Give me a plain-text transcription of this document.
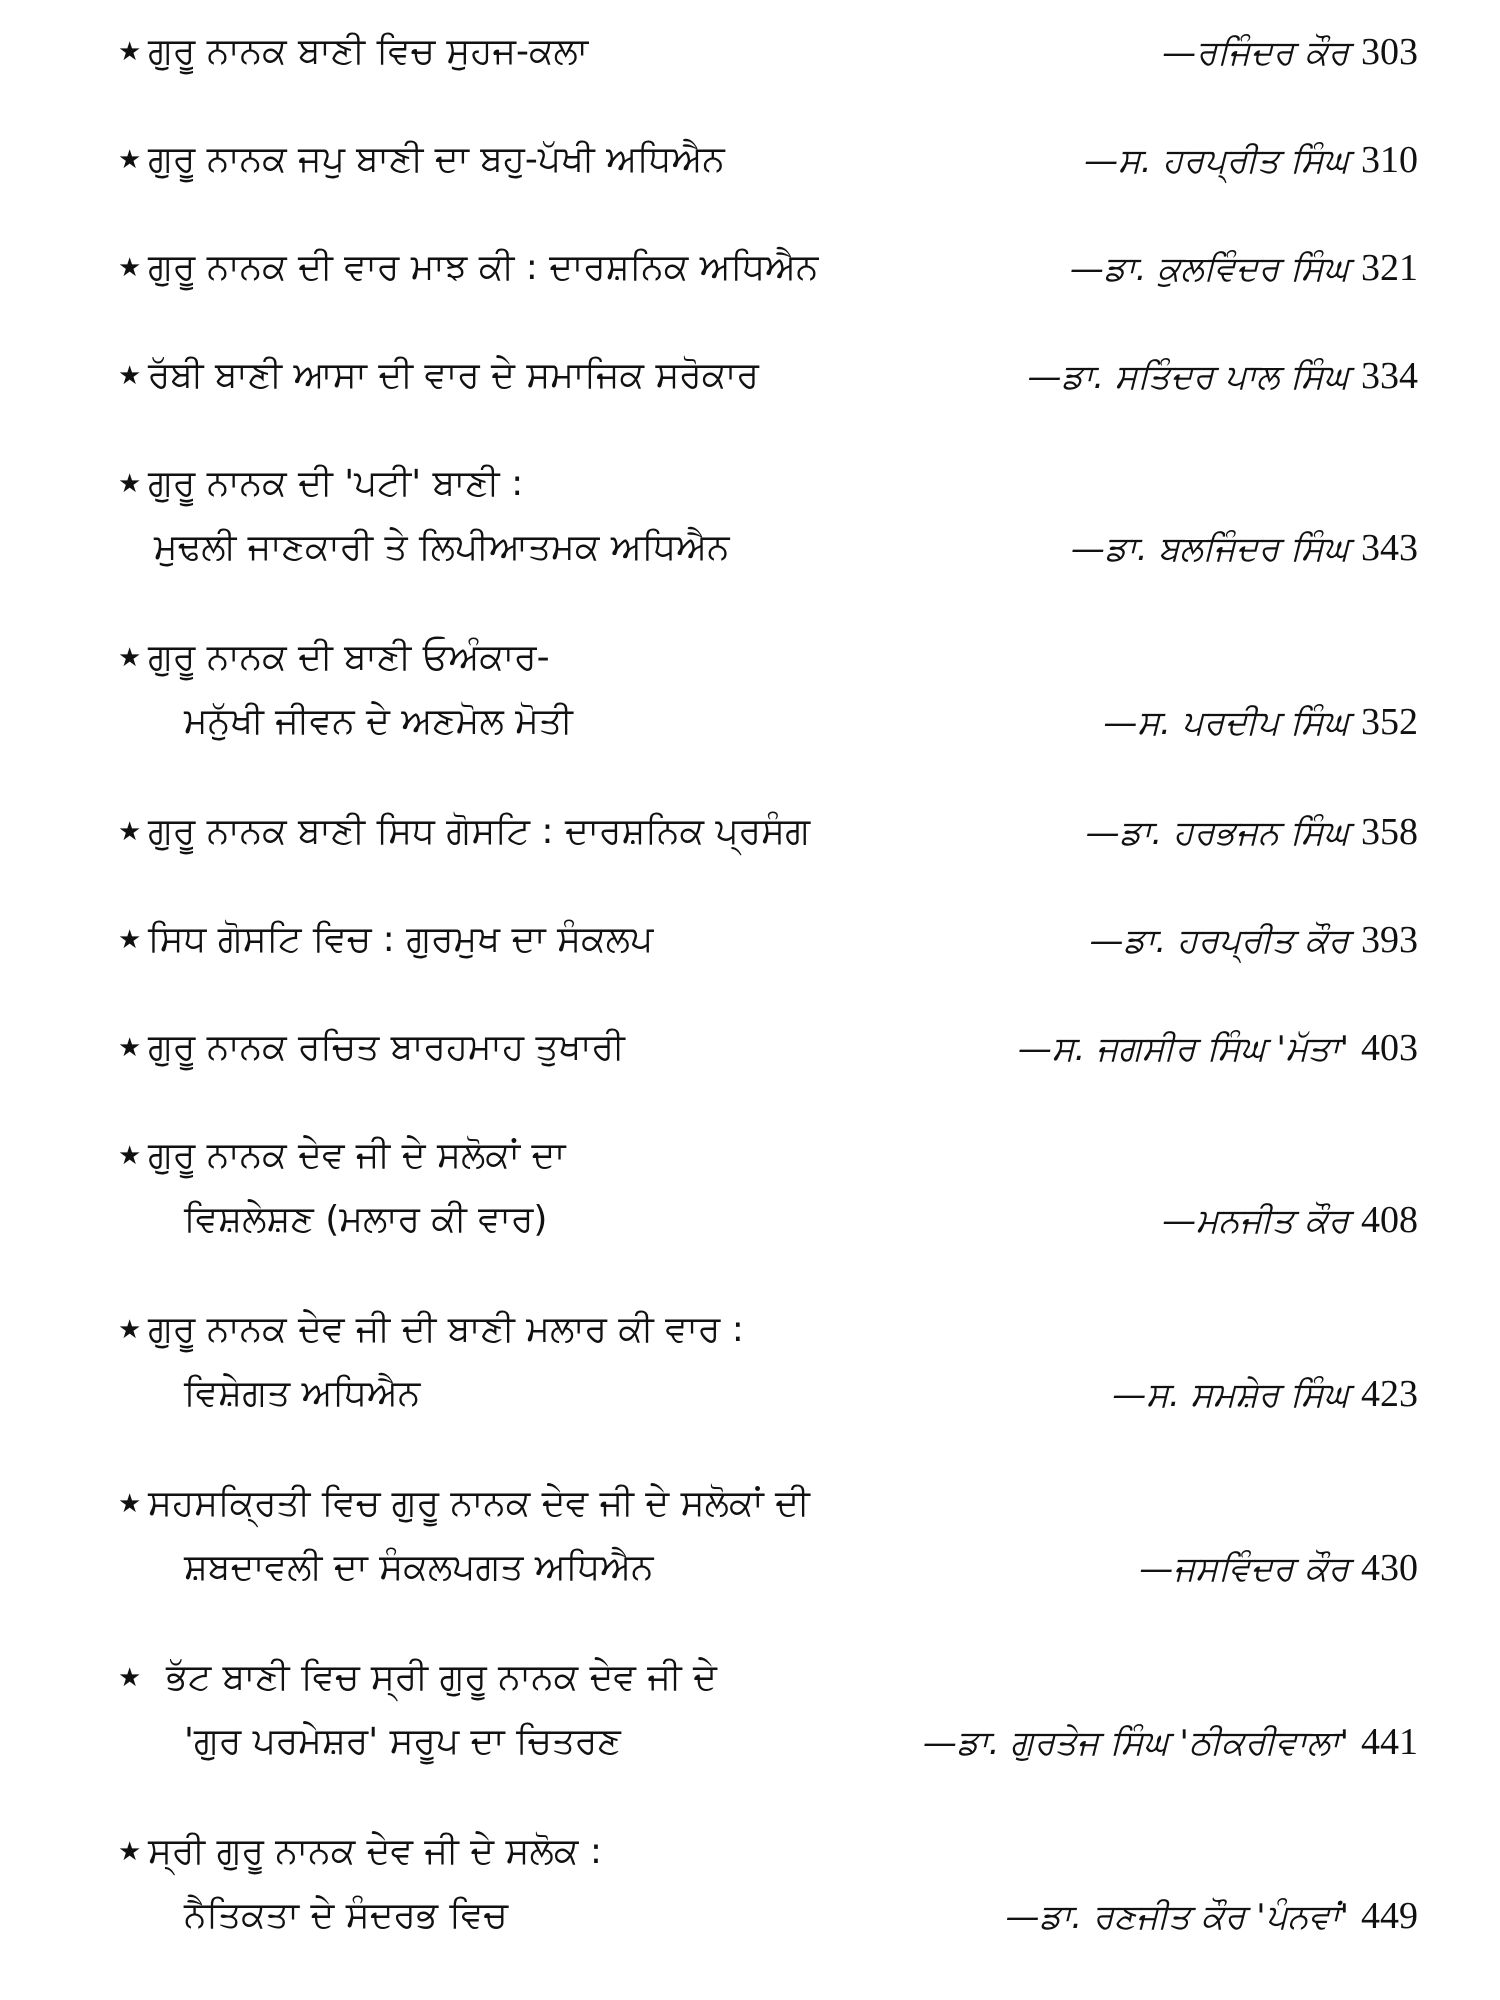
★ ਗੁਰੂ ਨਾਨਕ ਬਾਣੀ ਵਿਚ ਸੁਹਜ-ਕਲਾ	—ਰਜਿੰਦਰ ਕੌਰ 303
★ ਗੁਰੂ ਨਾਨਕ ਜਪੁ ਬਾਣੀ ਦਾ ਬਹੁ-ਪੱਖੀ ਅਧਿਐਨ	—ਸ. ਹਰਪ੍ਰੀਤ ਸਿੰਘ 310
★ ਗੁਰੂ ਨਾਨਕ ਦੀ ਵਾਰ ਮਾਝ ਕੀ : ਦਾਰਸ਼ਨਿਕ ਅਧਿਐਨ	—ਡਾ. ਕੁਲਵਿੰਦਰ ਸਿੰਘ 321
★ ਰੱਬੀ ਬਾਣੀ ਆਸਾ ਦੀ ਵਾਰ ਦੇ ਸਮਾਜਿਕ ਸਰੋਕਾਰ	—ਡਾ. ਸਤਿੰਦਰ ਪਾਲ ਸਿੰਘ 334
★ ਗੁਰੂ ਨਾਨਕ ਦੀ 'ਪਟੀ' ਬਾਣੀ :
ਮੁਢਲੀ ਜਾਣਕਾਰੀ ਤੇ ਲਿਪੀਆਤਮਕ ਅਧਿਐਨ	—ਡਾ. ਬਲਜਿੰਦਰ ਸਿੰਘ 343
★ ਗੁਰੂ ਨਾਨਕ ਦੀ ਬਾਣੀ ਓਅੰਕਾਰ-
ਮਨੁੱਖੀ ਜੀਵਨ ਦੇ ਅਣਮੋਲ ਮੋਤੀ	—ਸ. ਪਰਦੀਪ ਸਿੰਘ 352
★ ਗੁਰੂ ਨਾਨਕ ਬਾਣੀ ਸਿਧ ਗੋਸਟਿ : ਦਾਰਸ਼ਨਿਕ ਪ੍ਰਸੰਗ	—ਡਾ. ਹਰਭਜਨ ਸਿੰਘ 358
★ ਸਿਧ ਗੋਸਟਿ ਵਿਚ : ਗੁਰਮੁਖ ਦਾ ਸੰਕਲਪ	—ਡਾ. ਹਰਪ੍ਰੀਤ ਕੌਰ 393
★ ਗੁਰੂ ਨਾਨਕ ਰਚਿਤ ਬਾਰਹਮਾਹ ਤੁਖਾਰੀ	—ਸ. ਜਗਸੀਰ ਸਿੰਘ 'ਮੱਤਾ' 403
★ ਗੁਰੂ ਨਾਨਕ ਦੇਵ ਜੀ ਦੇ ਸਲੋਕਾਂ ਦਾ
ਵਿਸ਼ਲੇਸ਼ਣ (ਮਲਾਰ ਕੀ ਵਾਰ)	—ਮਨਜੀਤ ਕੌਰ 408
★ ਗੁਰੂ ਨਾਨਕ ਦੇਵ ਜੀ ਦੀ ਬਾਣੀ ਮਲਾਰ ਕੀ ਵਾਰ :
ਵਿਸ਼ੇਗਤ ਅਧਿਐਨ	—ਸ. ਸਮਸ਼ੇਰ ਸਿੰਘ 423
★ ਸਹਸਕ੍ਰਿਤੀ ਵਿਚ ਗੁਰੂ ਨਾਨਕ ਦੇਵ ਜੀ ਦੇ ਸਲੋਕਾਂ ਦੀ
ਸ਼ਬਦਾਵਲੀ ਦਾ ਸੰਕਲਪਗਤ ਅਧਿਐਨ	—ਜਸਵਿੰਦਰ ਕੌਰ 430
★ ਭੱਟ ਬਾਣੀ ਵਿਚ ਸ੍ਰੀ ਗੁਰੂ ਨਾਨਕ ਦੇਵ ਜੀ ਦੇ
'ਗੁਰ ਪਰਮੇਸ਼ਰ' ਸਰੂਪ ਦਾ ਚਿਤਰਣ	—ਡਾ. ਗੁਰਤੇਜ ਸਿੰਘ 'ਠੀਕਰੀਵਾਲਾ' 441
★ ਸ੍ਰੀ ਗੁਰੂ ਨਾਨਕ ਦੇਵ ਜੀ ਦੇ ਸਲੋਕ :
ਨੈਤਿਕਤਾ ਦੇ ਸੰਦਰਭ ਵਿਚ	—ਡਾ. ਰਣਜੀਤ ਕੌਰ 'ਪੰਨਵਾਂ' 449
